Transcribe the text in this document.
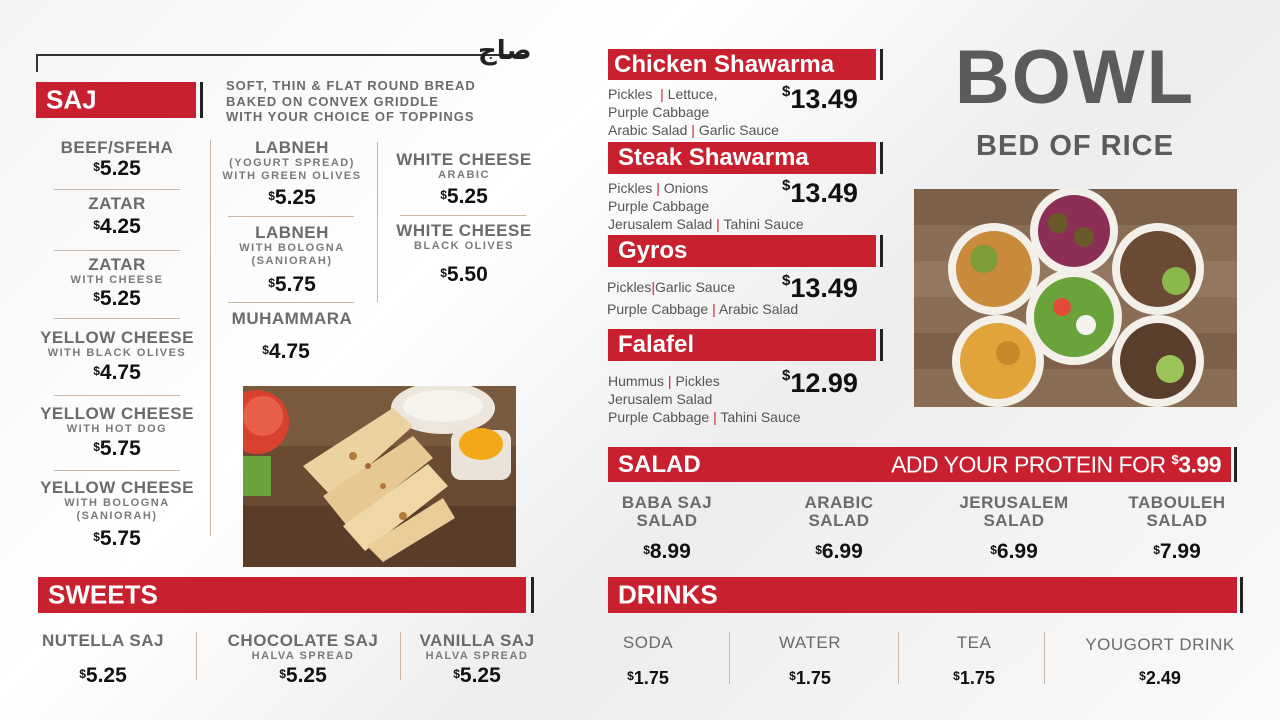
صاج
SAJ	SOFT, THIN & FLAT ROUND BREAD
BAKED ON CONVEX GRIDDLE
WITH YOUR CHOICE OF TOPPINGS
BEEF/SFEHA
$5.25
ZATAR
$4.25
ZATAR
WITH CHEESE
$5.25
YELLOW CHEESE
WITH BLACK OLIVES
$4.75
YELLOW CHEESE
WITH HOT DOG
$5.75
YELLOW CHEESE
WITH BOLOGNA
(SANIORAH)
$5.75
LABNEH
(YOGURT SPREAD)
WITH GREEN OLIVES
$5.25
LABNEH
WITH BOLOGNA
(SANIORAH)
$5.75
MUHAMMARA
$4.75
WHITE CHEESE
ARABIC
$5.25
WHITE CHEESE
BLACK OLIVES
$5.50
SWEETS
NUTELLA SAJ
$5.25
CHOCOLATE SAJ
HALVA SPREAD
$5.25
VANILLA SAJ
HALVA SPREAD
$5.25
Chicken Shawarma
Pickles | Lettuce,
Purple Cabbage
Arabic Salad | Garlic Sauce
$13.49
Steak Shawarma
Pickles | Onions
Purple Cabbage
Jerusalem Salad | Tahini Sauce
$13.49
Gyros
Pickles|Garlic Sauce
Purple Cabbage | Arabic Salad
$13.49
Falafel
Hummus | Pickles
Jerusalem Salad
Purple Cabbage | Tahini Sauce
$12.99
BOWL
BED OF RICE
SALAD	ADD YOUR PROTEIN FOR $3.99
BABA SAJ
SALAD
$8.99
ARABIC
SALAD
$6.99
JERUSALEM
SALAD
$6.99
TABOULEH
SALAD
$7.99
DRINKS
SODA
$1.75
WATER
$1.75
TEA
$1.75
YOUGORT DRINK
$2.49
